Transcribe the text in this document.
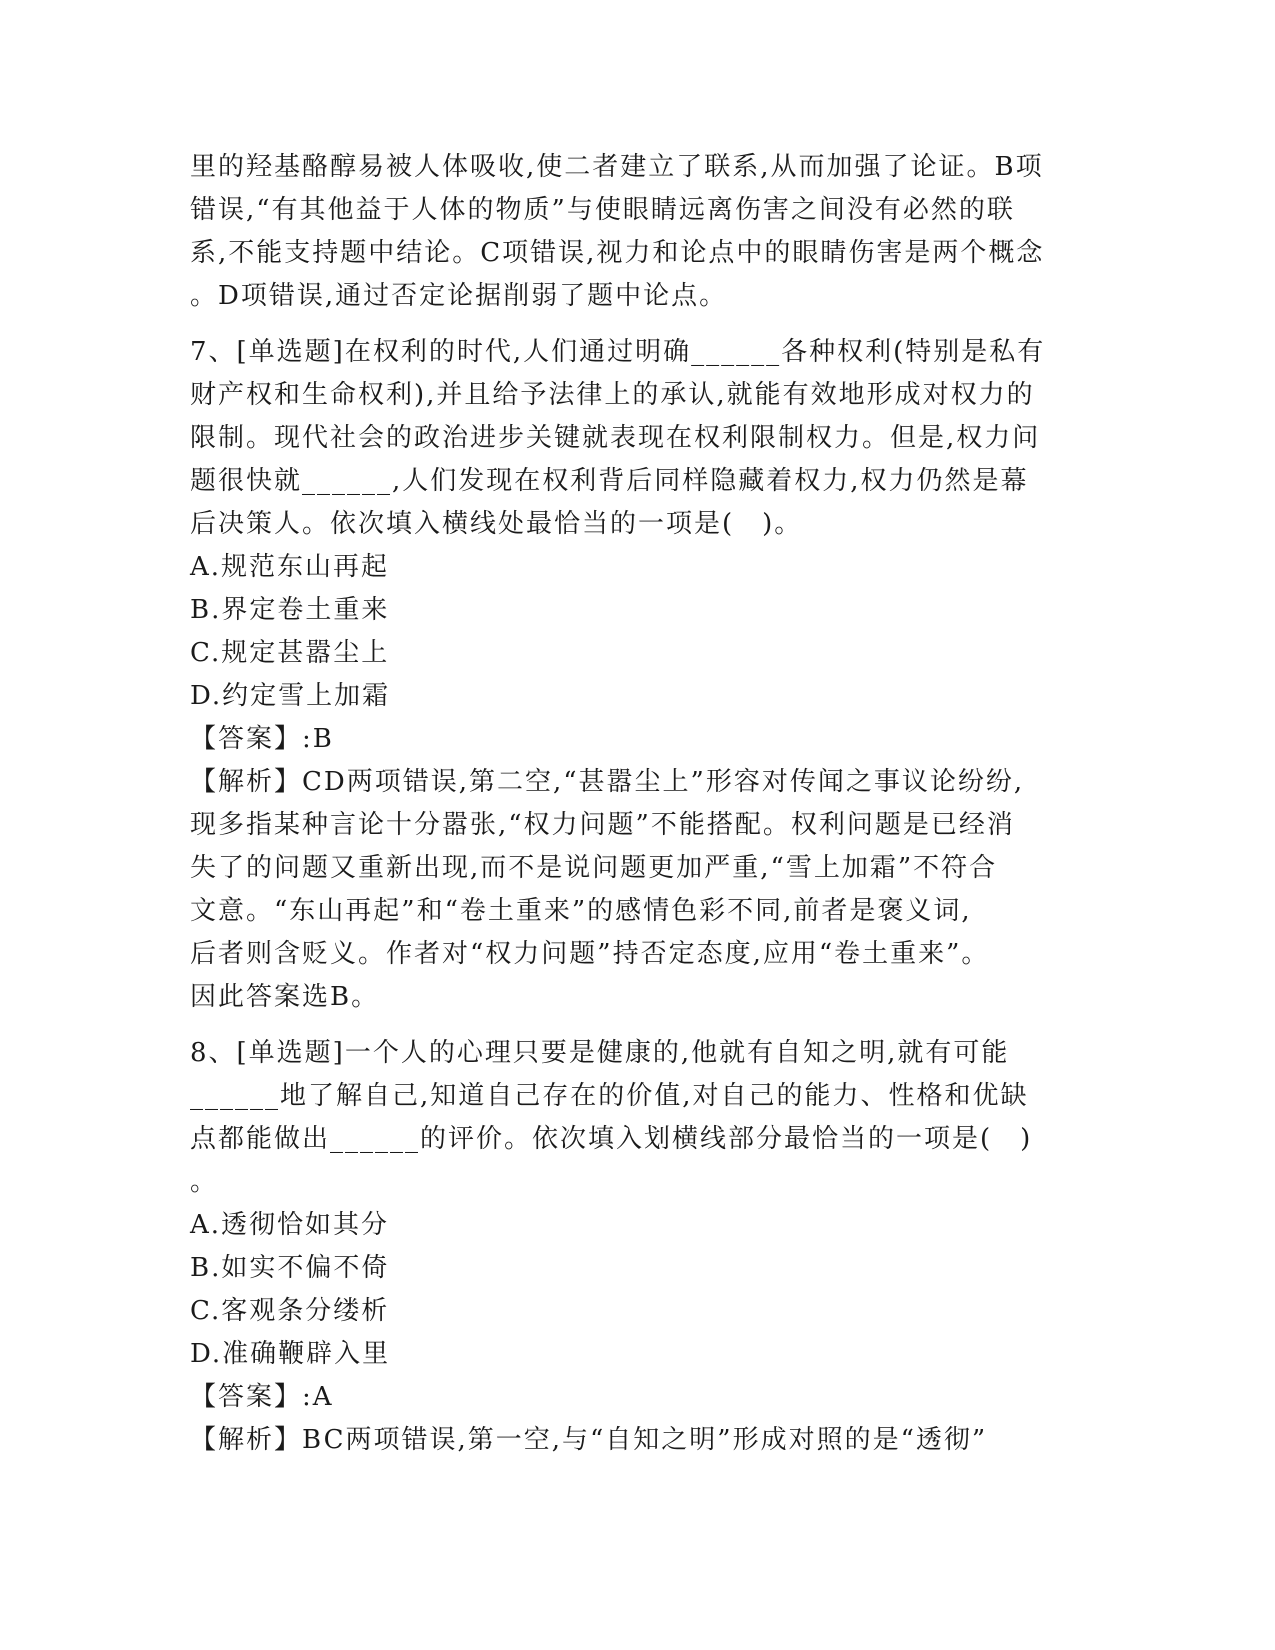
里的羟基酪醇易被人体吸收,使二者建立了联系,从而加强了论证。B项
错误,“有其他益于人体的物质”与使眼睛远离伤害之间没有必然的联
系,不能支持题中结论。C项错误,视力和论点中的眼睛伤害是两个概念
。D项错误,通过否定论据削弱了题中论点。
7、[单选题]在权利的时代,人们通过明确______各种权利(特别是私有
财产权和生命权利),并且给予法律上的承认,就能有效地形成对权力的
限制。现代社会的政治进步关键就表现在权利限制权力。但是,权力问
题很快就______,人们发现在权利背后同样隐藏着权力,权力仍然是幕
后决策人。依次填入横线处最恰当的一项是(　)。
A.规范东山再起
B.界定卷土重来
C.规定甚嚣尘上
D.约定雪上加霜
【答案】:B
【解析】CD两项错误,第二空,“甚嚣尘上”形容对传闻之事议论纷纷,
现多指某种言论十分嚣张,“权力问题”不能搭配。权利问题是已经消
失了的问题又重新出现,而不是说问题更加严重,“雪上加霜”不符合
文意。“东山再起”和“卷土重来”的感情色彩不同,前者是褒义词,
后者则含贬义。作者对“权力问题”持否定态度,应用“卷土重来”。
因此答案选B。
8、[单选题]一个人的心理只要是健康的,他就有自知之明,就有可能
______地了解自己,知道自己存在的价值,对自己的能力、性格和优缺
点都能做出______的评价。依次填入划横线部分最恰当的一项是(　)
。
A.透彻恰如其分
B.如实不偏不倚
C.客观条分缕析
D.准确鞭辟入里
【答案】:A
【解析】BC两项错误,第一空,与“自知之明”形成对照的是“透彻”
